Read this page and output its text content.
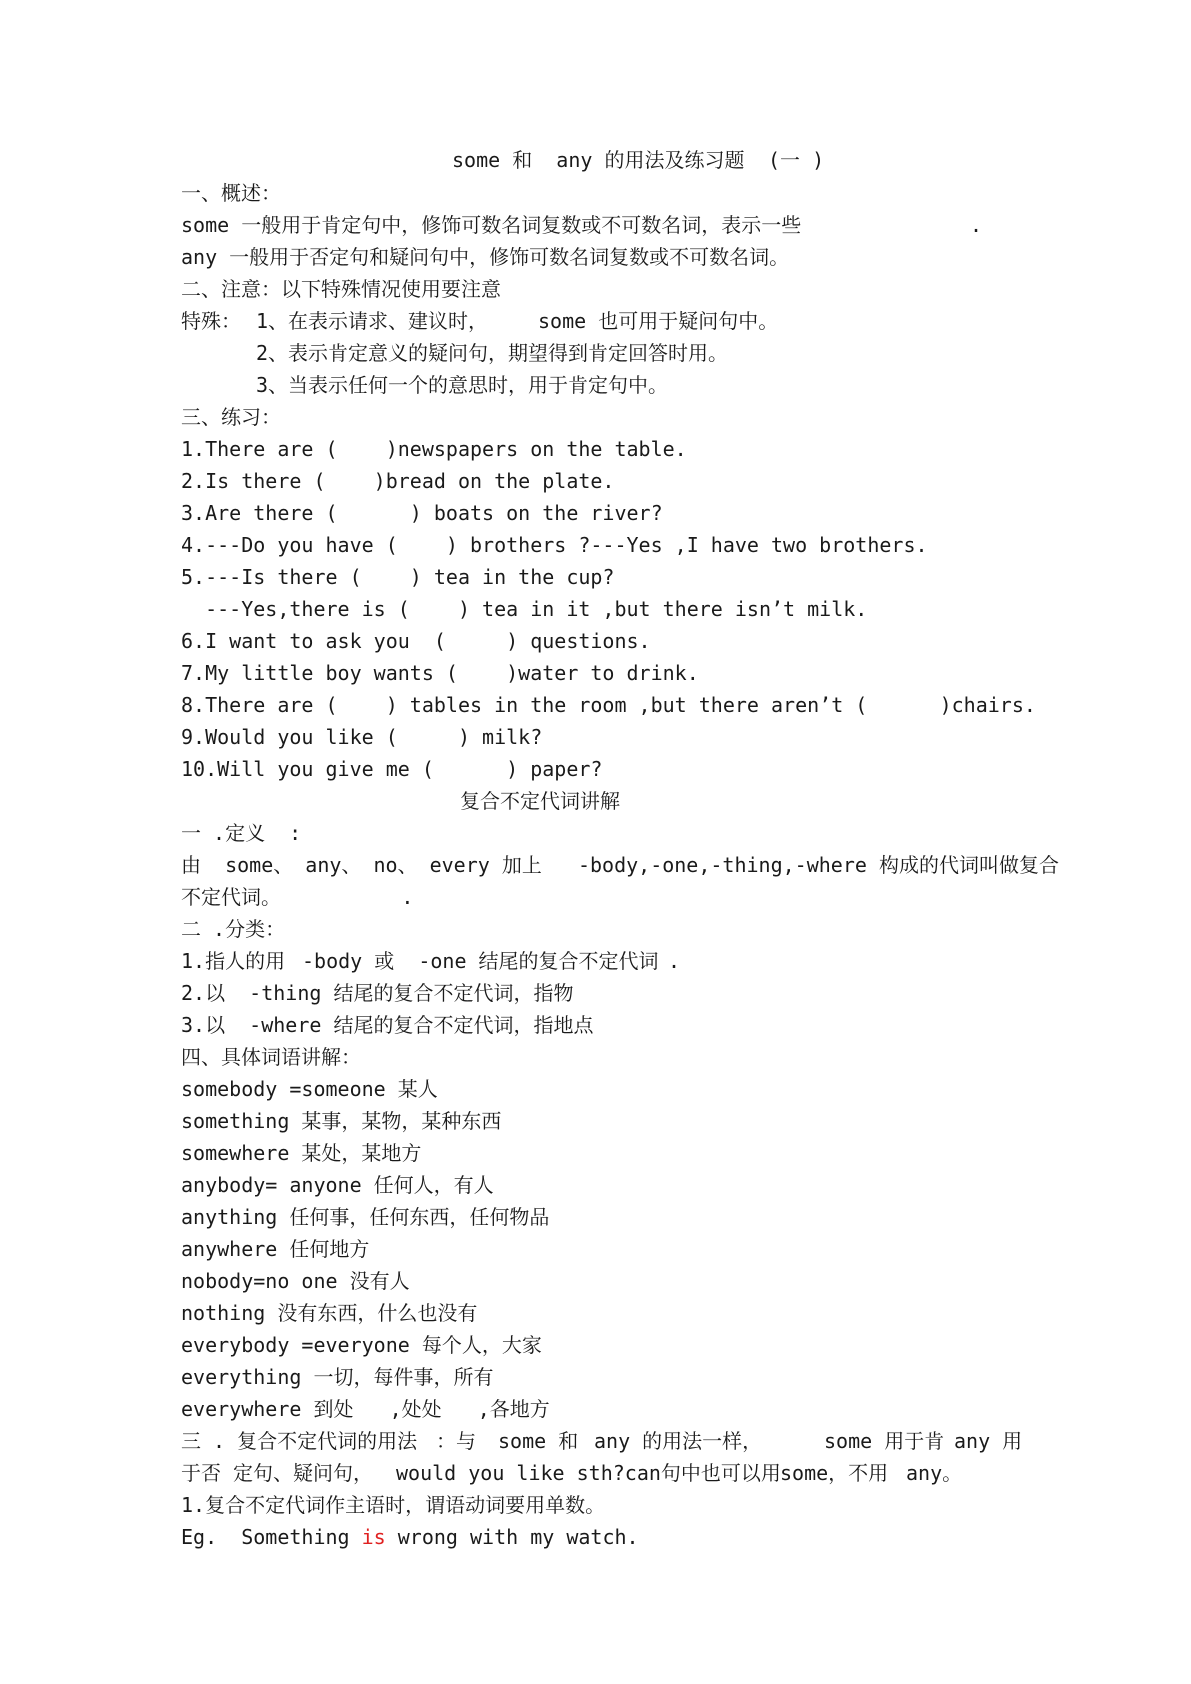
some 和  any 的用法及练习题 (一 )
一、概述：
some 一般用于肯定句中，修饰可数名词复数或不可数名词，表示一些	.
any 一般用于否定句和疑问句中，修饰可数名词复数或不可数名词。
二、注意：以下特殊情况使用要注意
特殊： 1、在表示请求、建议时， some 也可用于疑问句中。
2、表示肯定意义的疑问句，期望得到肯定回答时用。
3、当表示任何一个的意思时，用于肯定句中。
三、练习：
1.There are (    )newspapers on the table.
2.Is there (    )bread on the plate.
3.Are there (      ) boats on the river?
4.---Do you have (    ) brothers ?---Yes ,I have two brothers.
5.---Is there (    ) tea in the cup?
---Yes,there is (    ) tea in it ,but there isn’t milk.
6.I want to ask you  (     ) questions.
7.My little boy wants (    )water to drink.
8.There are (    ) tables in the room ,but there aren’t (      )chairs.
9.Would you like (     ) milk?
10.Will you give me (      ) paper?
复合不定代词讲解
一 .定义  :
由  some、 any、 no、 every 加上   -body,-one,-thing,-where 构成的代词叫做复合
不定代词。          .
二 .分类：
1.指人的用 -body 或  -one 结尾的复合不定代词 .
2.以  -thing 结尾的复合不定代词，指物
3.以  -where 结尾的复合不定代词，指地点
四、具体词语讲解：
somebody =someone 某人
something 某事，某物，某种东西
somewhere 某处，某地方
anybody= anyone 任何人，有人
anything 任何事，任何东西，任何物品
anywhere 任何地方
nobody=no one 没有人
nothing 没有东西，什么也没有
everybody =everyone 每个人，大家
everything 一切，每件事，所有
everywhere 到处   ,处处   ,各地方
三 . 复合不定代词的用法 ：与 some 和 any 的用法一样，	some 用于肯 any 用
于否 定句、疑问句， would you like sth?can句中也可以用 some，不用 any。
1.复合不定代词作主语时，谓语动词要用单数。
Eg.  Something is wrong with my watch.
